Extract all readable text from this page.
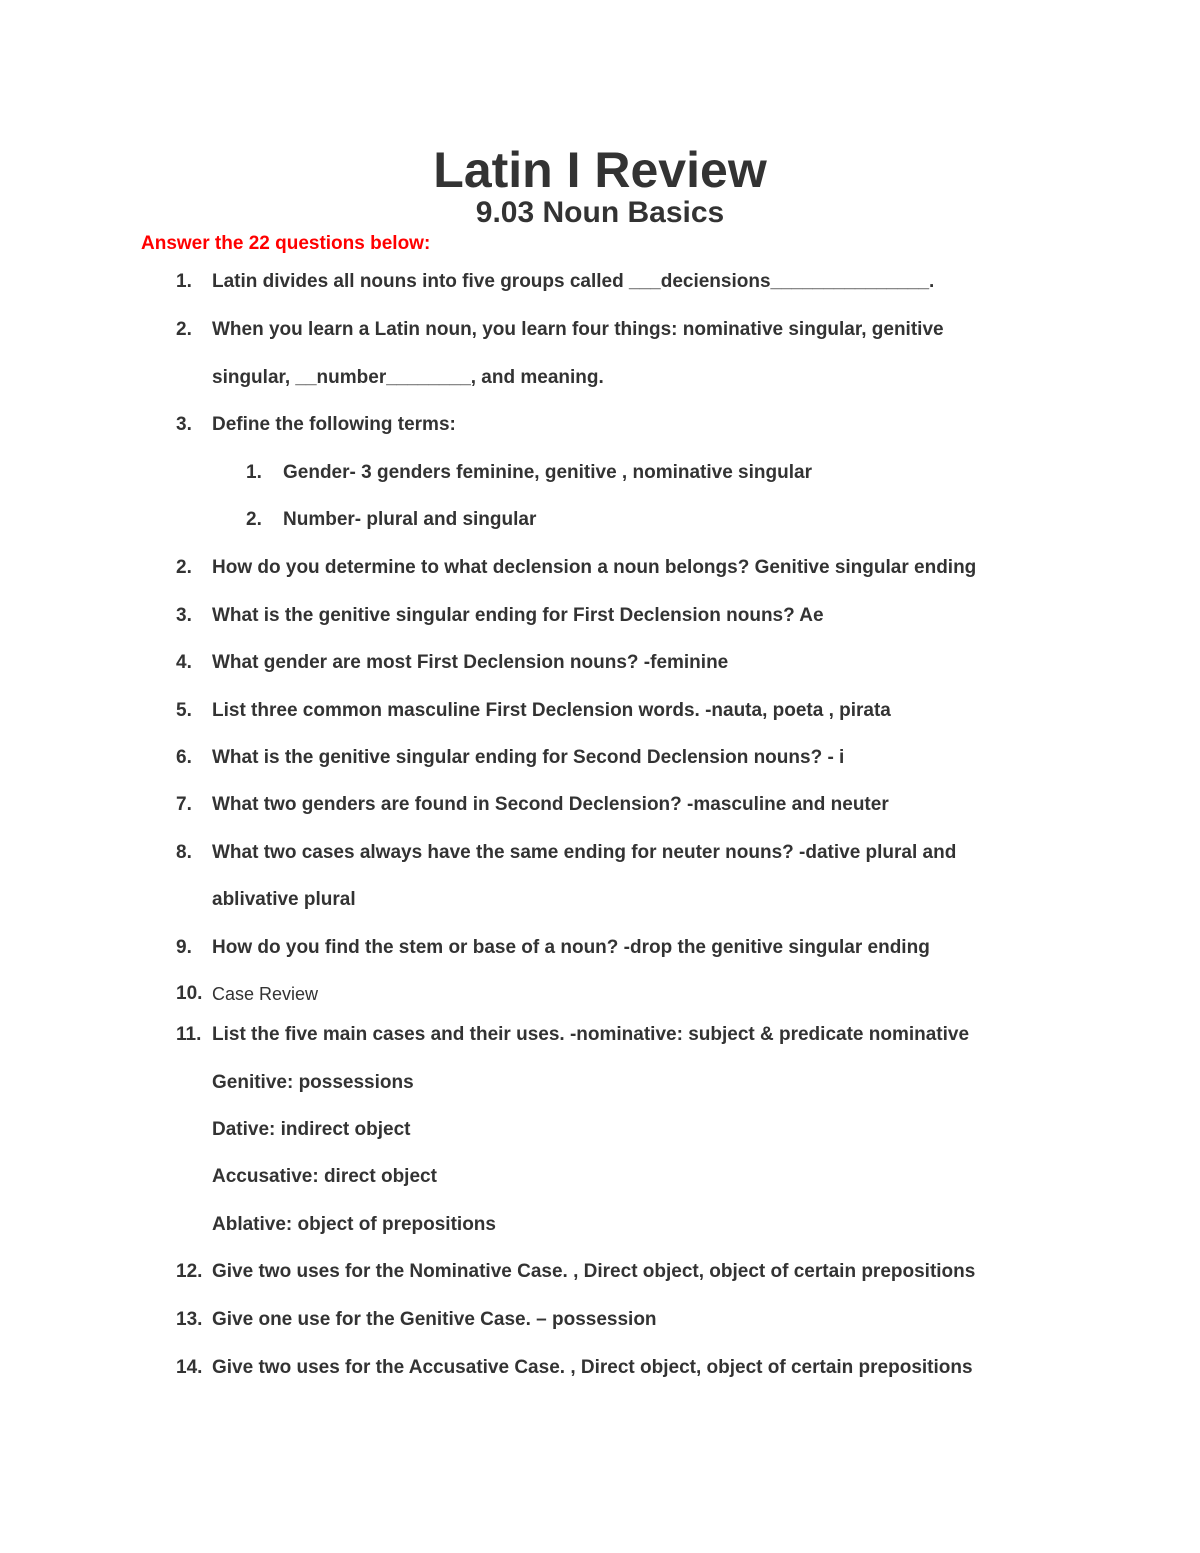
Latin I Review
9.03 Noun Basics
Answer the 22 questions below:
1. Latin divides all nouns into five groups called ___deciensions_______________.
2. When you learn a Latin noun, you learn four things: nominative singular, genitive
singular, __number________, and meaning.
3. Define the following terms:
1. Gender- 3 genders feminine, genitive , nominative singular
2. Number- plural and singular
2. How do you determine to what declension a noun belongs? Genitive singular ending
3. What is the genitive singular ending for First Declension nouns? Ae
4. What gender are most First Declension nouns? -feminine
5. List three common masculine First Declension words. -nauta, poeta , pirata
6. What is the genitive singular ending for Second Declension nouns? - i
7. What two genders are found in Second Declension? -masculine and neuter
8. What two cases always have the same ending for neuter nouns? -dative plural and
ablivative plural
9. How do you find the stem or base of a noun? -drop the genitive singular ending
10. Case Review
11. List the five main cases and their uses. -nominative: subject & predicate nominative
Genitive: possessions
Dative: indirect object
Accusative: direct object
Ablative: object of prepositions
12. Give two uses for the Nominative Case. , Direct object, object of certain prepositions
13. Give one use for the Genitive Case. – possession
14. Give two uses for the Accusative Case. , Direct object, object of certain prepositions
